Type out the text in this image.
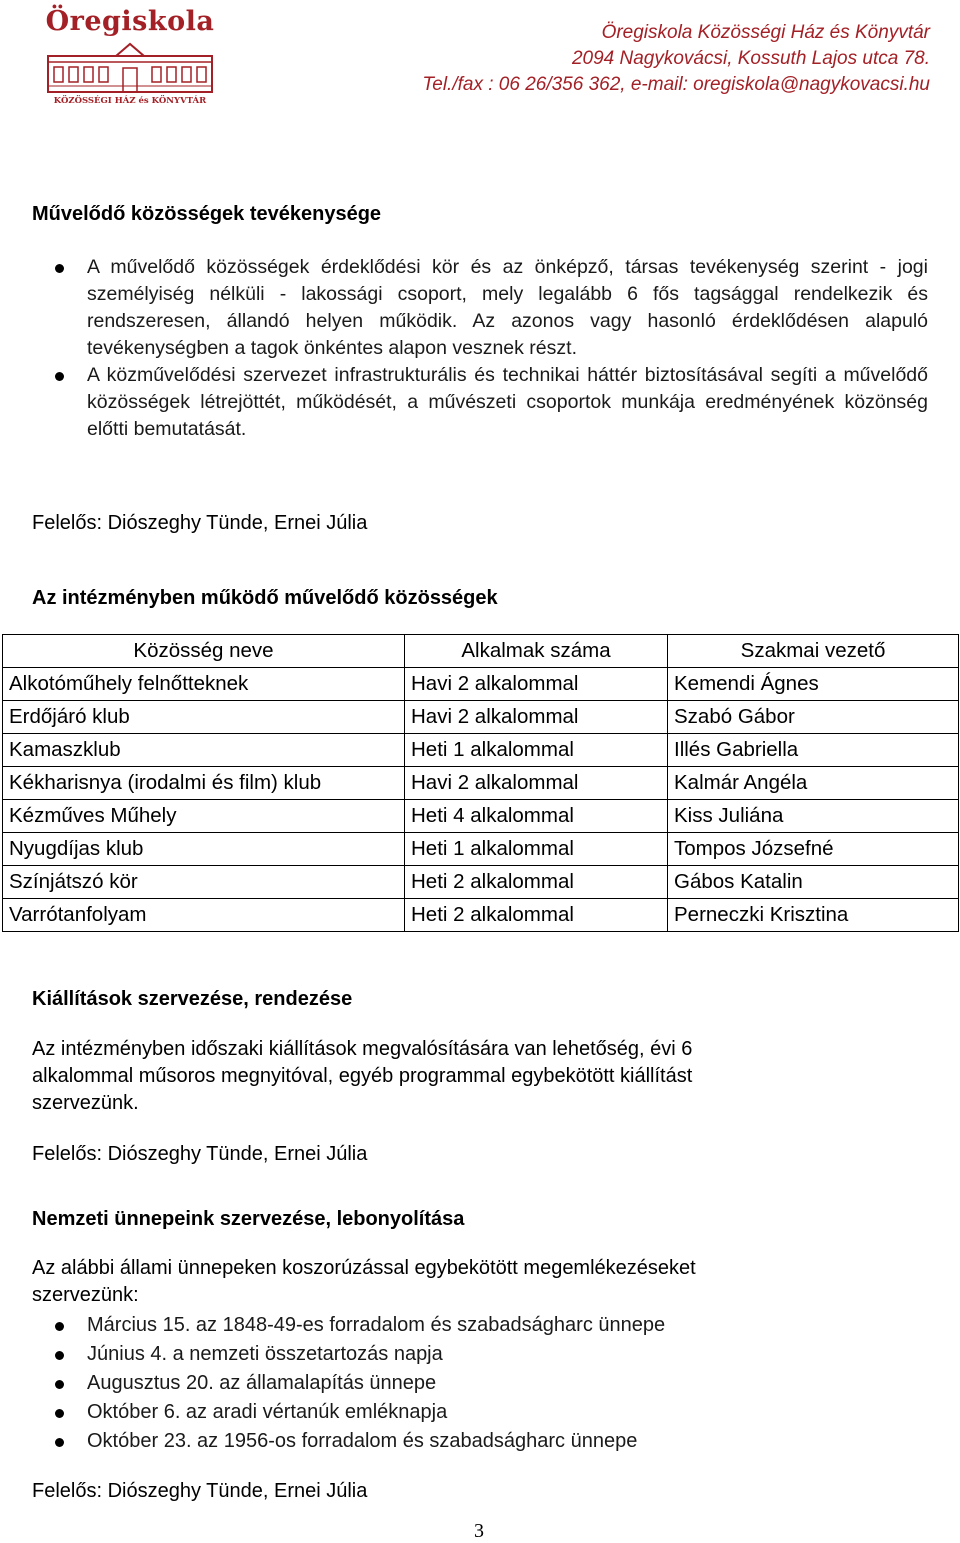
Öregiskola
KÖZÖSSÉGI HÁZ és KÖNYVTÁR
Öregiskola Közösségi Ház és Könyvtár
2094 Nagykovácsi, Kossuth Lajos utca 78.
Tel./fax : 06 26/356 362, e-mail: oregiskola@nagykovacsi.hu
Művelődő közösségek tevékenysége
A művelődő közösségek érdeklődési kör és az önképző, társas tevékenység szerint - jogi személyiség nélküli - lakossági csoport, mely legalább 6 fős tagsággal rendelkezik és rendszeresen, állandó helyen működik. Az azonos vagy hasonló érdeklődésen alapuló tevékenységben a tagok önkéntes alapon vesznek részt.
A közművelődési szervezet infrastrukturális és technikai háttér biztosításával segíti a művelődő közösségek létrejöttét, működését, a művészeti csoportok munkája eredményének közönség előtti bemutatását.
Felelős: Diószeghy Tünde, Ernei Júlia
Az intézményben működő művelődő közösségek
Közösség neve	Alkalmak száma	Szakmai vezető
Alkotóműhely felnőtteknek	Havi 2 alkalommal	Kemendi Ágnes
Erdőjáró klub	Havi 2 alkalommal	Szabó Gábor
Kamaszklub	Heti 1 alkalommal	Illés Gabriella
Kékharisnya (irodalmi és film) klub	Havi 2 alkalommal	Kalmár Angéla
Kézműves Műhely	Heti 4 alkalommal	Kiss Juliána
Nyugdíjas klub	Heti 1 alkalommal	Tompos Józsefné
Színjátszó kör	Heti 2 alkalommal	Gábos Katalin
Varrótanfolyam	Heti 2 alkalommal	Perneczki Krisztina
Kiállítások szervezése, rendezése
Az intézményben időszaki kiállítások megvalósítására van lehetőség, évi 6
alkalommal műsoros megnyitóval, egyéb programmal egybekötött kiállítást
szervezünk.
Felelős: Diószeghy Tünde, Ernei Júlia
Nemzeti ünnepeink szervezése, lebonyolítása
Az alábbi állami ünnepeken koszorúzással egybekötött megemlékezéseket
szervezünk:
Március 15. az 1848-49-es forradalom és szabadságharc ünnepe
Június 4. a nemzeti összetartozás napja
Augusztus 20. az államalapítás ünnepe
Október 6. az aradi vértanúk emléknapja
Október 23. az 1956-os forradalom és szabadságharc ünnepe
Felelős: Diószeghy Tünde, Ernei Júlia
3
